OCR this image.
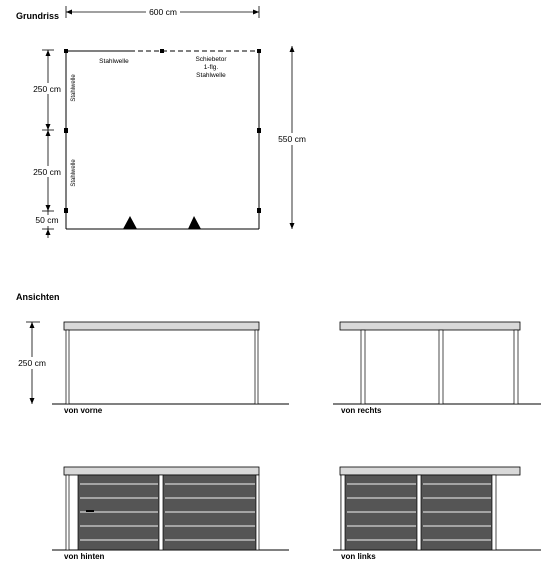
Grundriss	600 cm
Stahlwelle	Schiebetor
1-flg.
Stahlwelle
Stahlwelle
Stahlwelle
250 cm
250 cm
50 cm
550 cm
Ansichten
250 cm
von vorne	von rechts
von hinten	von links
